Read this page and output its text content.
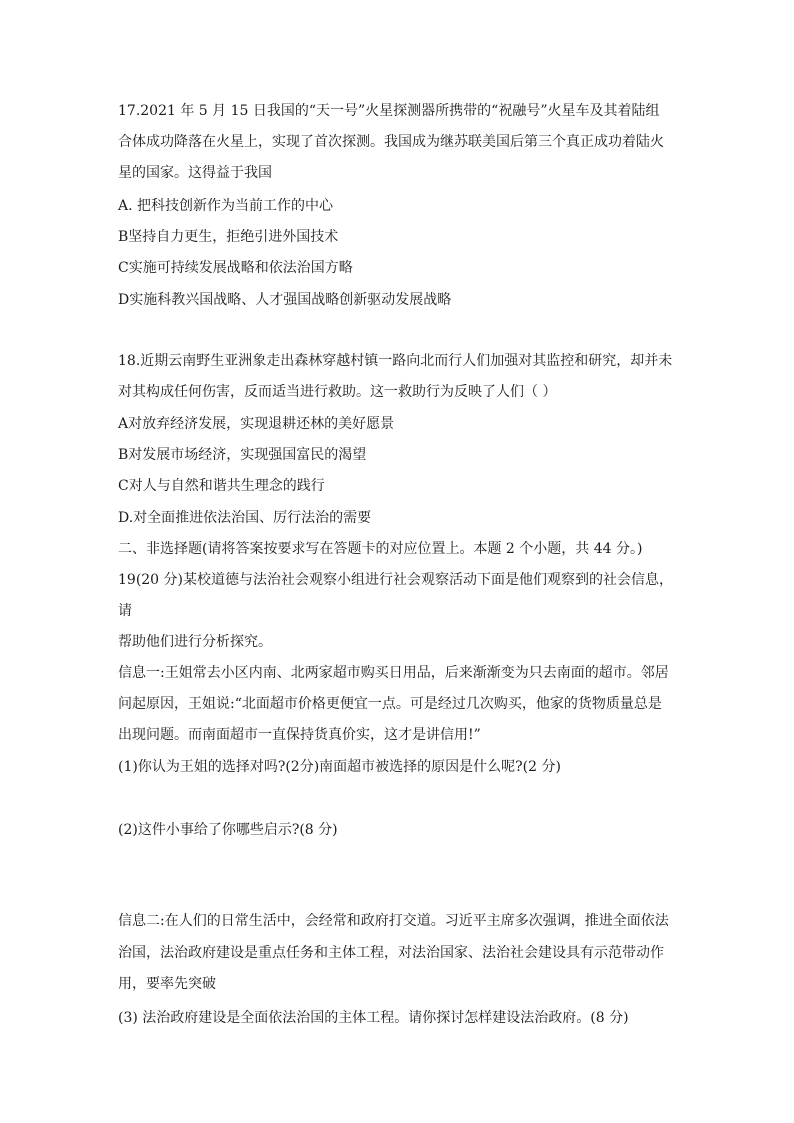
17.2021 年 5 月 15 日我国的“天一号”火星探测器所携带的“祝融号”火星车及其着陆组
合体成功降落在火星上，实现了首次探测。我国成为继苏联美国后第三个真正成功着陆火
星的国家。这得益于我国
A. 把科技创新作为当前工作的中心
B坚持自力更生，拒绝引进外国技术
C实施可持续发展战略和依法治国方略
D实施科教兴国战略、人才强国战略创新驱动发展战略
18.近期云南野生亚洲象走出森林穿越村镇一路向北而行人们加强对其监控和研究，却并未
对其构成任何伤害，反而适当进行救助。这一救助行为反映了人们（ ）
A对放弃经济发展，实现退耕还林的美好愿景
B对发展市场经济，实现强国富民的渴望
C对人与自然和谐共生理念的践行
D.对全面推进依法治国、厉行法治的需要
二、非选择题(请将答案按要求写在答题卡的对应位置上。本题 2 个小题，共 44 分。)
19(20 分)某校道德与法治社会观察小组进行社会观察活动下面是他们观察到的社会信息，
请
帮助他们进行分析探究。
信息一:王姐常去小区内南、北两家超市购买日用品，后来渐渐变为只去南面的超市。邻居
问起原因，王姐说:“北面超市价格更便宜一点。可是经过几次购买，他家的货物质量总是
出现问题。而南面超市一直保持货真价实，这才是讲信用!”
(1)你认为王姐的选择对吗?(2分)南面超市被选择的原因是什么呢?(2 分)
(2)这件小事给了你哪些启示?(8 分)
信息二:在人们的日常生活中，会经常和政府打交道。习近平主席多次强调，推进全面依法
治国，法治政府建设是重点任务和主体工程，对法治国家、法治社会建设具有示范带动作
用，要率先突破
(3) 法治政府建设是全面依法治国的主体工程。请你探讨怎样建设法治政府。(8 分)
